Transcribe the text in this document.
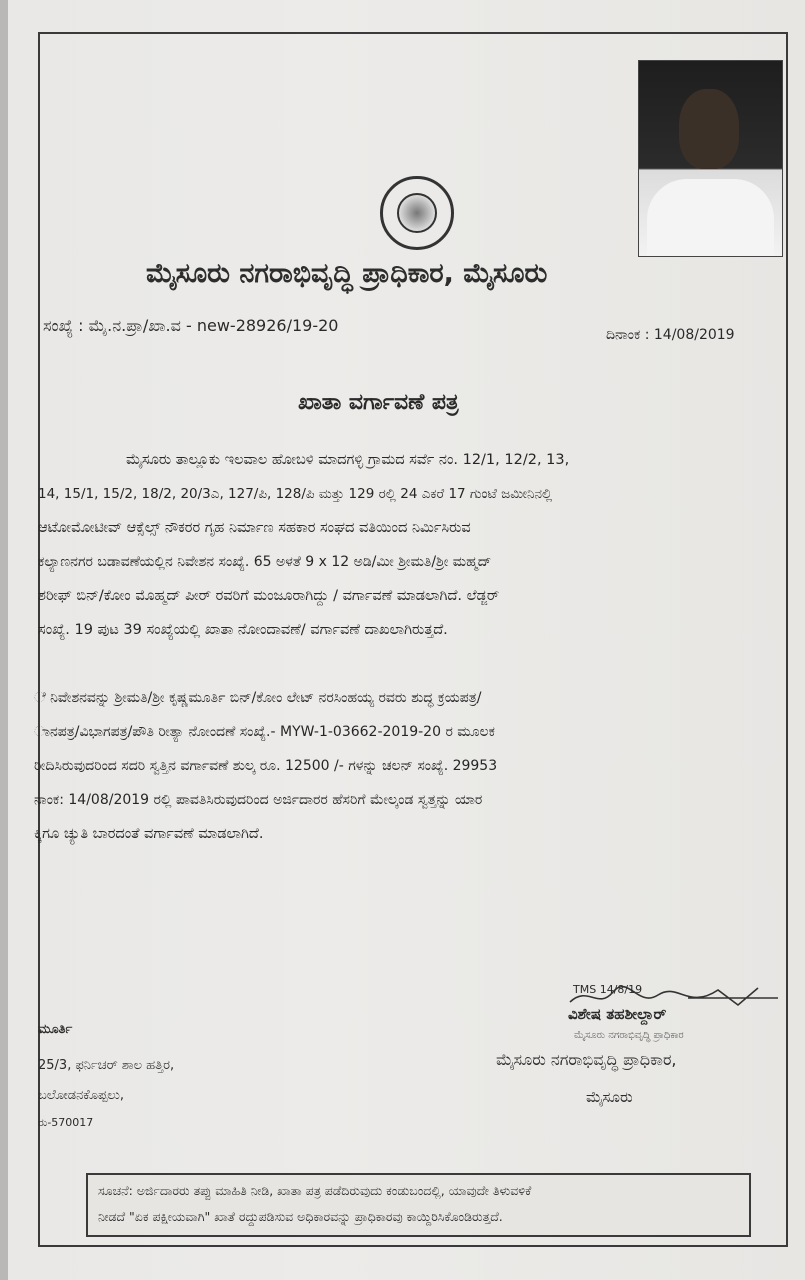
ಮೈಸೂರು ನಗರಾಭಿವೃದ್ಧಿ ಪ್ರಾಧಿಕಾರ, ಮೈಸೂರು
ಸಂಖ್ಯೆ : ಮೈ.ನ.ಪ್ರಾ/ಖಾ.ವ - new-28926/19-20	ದಿನಾಂಕ : 14/08/2019
ಖಾತಾ ವರ್ಗಾವಣೆ ಪತ್ರ
ಮೈಸೂರು ತಾಲ್ಲೂಕು ಇಲವಾಲ ಹೋಬಳಿ ಮಾದಗಳ್ಳಿ ಗ್ರಾಮದ ಸರ್ವೆ ನಂ. 12/1, 12/2, 13,
14, 15/1, 15/2, 18/2, 20/3ಎ, 127/ಪಿ, 128/ಪಿ ಮತ್ತು 129 ರಲ್ಲಿ 24 ಎಕರೆ 17 ಗುಂಟೆ ಜಮೀನಿನಲ್ಲಿ
ಆಟೋಮೋಟೀವ್ ಆಕ್ಸೆಲ್ಸ್ ನೌಕರರ ಗೃಹ ನಿರ್ಮಾಣ ಸಹಕಾರ ಸಂಘದ ವತಿಯಿಂದ ನಿರ್ಮಿಸಿರುವ
ಕಲ್ಯಾಣನಗರ ಬಡಾವಣೆಯಲ್ಲಿನ ನಿವೇಶನ ಸಂಖ್ಯೆ. 65 ಅಳತೆ 9 x 12 ಅಡಿ/ಮೀ ಶ್ರೀಮತಿ/ಶ್ರೀ ಮಹ್ಮದ್
ಶರೀಫ್ ಬಿನ್/ಕೋಂ ಮೊಹ್ಮದ್ ಪೀರ್ ರವರಿಗೆ ಮಂಜೂರಾಗಿದ್ದು / ವರ್ಗಾವಣೆ ಮಾಡಲಾಗಿದೆ. ಲೆಡ್ಜರ್
ಸಂಖ್ಯೆ. 19 ಪುಟ 39 ಸಂಖ್ಯೆಯಲ್ಲಿ ಖಾತಾ ನೋಂದಾವಣೆ/ ವರ್ಗಾವಣೆ ದಾಖಲಾಗಿರುತ್ತದೆ.
ೆ ನಿವೇಶನವನ್ನು ಶ್ರೀಮತಿ/ಶ್ರೀ ಕೃಷ್ಣಮೂರ್ತಿ ಬಿನ್/ಕೋಂ ಲೇಟ್ ನರಸಿಂಹಯ್ಯ ರವರು ಶುದ್ಧ ಕ್ರಯಪತ್ರ/
ಾನಪತ್ರ/ವಿಭಾಗಪತ್ರ/ಪೌತಿ ರೀತ್ಯಾ ನೋಂದಣೆ ಸಂಖ್ಯೆ.- MYW-1-03662-2019-20 ರ ಮೂಲಕ
ರೀದಿಸಿರುವುದರಿಂದ ಸದರಿ ಸ್ವತ್ತಿನ ವರ್ಗಾವಣೆ ಶುಲ್ಕ ರೂ. 12500 /- ಗಳನ್ನು ಚಲನ್ ಸಂಖ್ಯೆ. 29953
ನಾಂಕ: 14/08/2019 ರಲ್ಲಿ ಪಾವತಿಸಿರುವುದರಿಂದ ಅರ್ಜಿದಾರರ ಹೆಸರಿಗೆ ಮೇಲ್ಕಂಡ ಸ್ವತ್ತನ್ನು ಯಾರ
ಕ್ಕಿಗೂ ಚ್ಯುತಿ ಬಾರದಂತೆ ವರ್ಗಾವಣೆ ಮಾಡಲಾಗಿದೆ.
TMS 14/8/19
ವಿಶೇಷ ತಹಶೀಲ್ದಾರ್
ಮೈಸೂರು ನಗರಾಭಿವೃದ್ಧಿ ಪ್ರಾಧಿಕಾರ
ಮೈಸೂರು ನಗರಾಭಿವೃದ್ಧಿ ಪ್ರಾಧಿಕಾರ,
ಮೈಸೂರು
ಮೂರ್ತಿ
25/3, ಫರ್ನಿಚರ್ ಶಾಲ ಹತ್ತಿರ,
ಬಲೋಡನಕೊಪ್ಪಲು,
ರು-570017
ಸೂಚನೆ: ಅರ್ಜಿದಾರರು ತಪ್ಪು ಮಾಹಿತಿ ನೀಡಿ, ಖಾತಾ ಪತ್ರ ಪಡೆದಿರುವುದು ಕಂಡುಬಂದಲ್ಲಿ, ಯಾವುದೇ ತಿಳುವಳಿಕೆ
ನೀಡದೆ "ಏಕ ಪಕ್ಷೀಯವಾಗಿ" ಖಾತೆ ರದ್ದುಪಡಿಸುವ ಅಧಿಕಾರವನ್ನು ಪ್ರಾಧಿಕಾರವು ಕಾಯ್ದಿರಿಸಿಕೊಂಡಿರುತ್ತದೆ.
